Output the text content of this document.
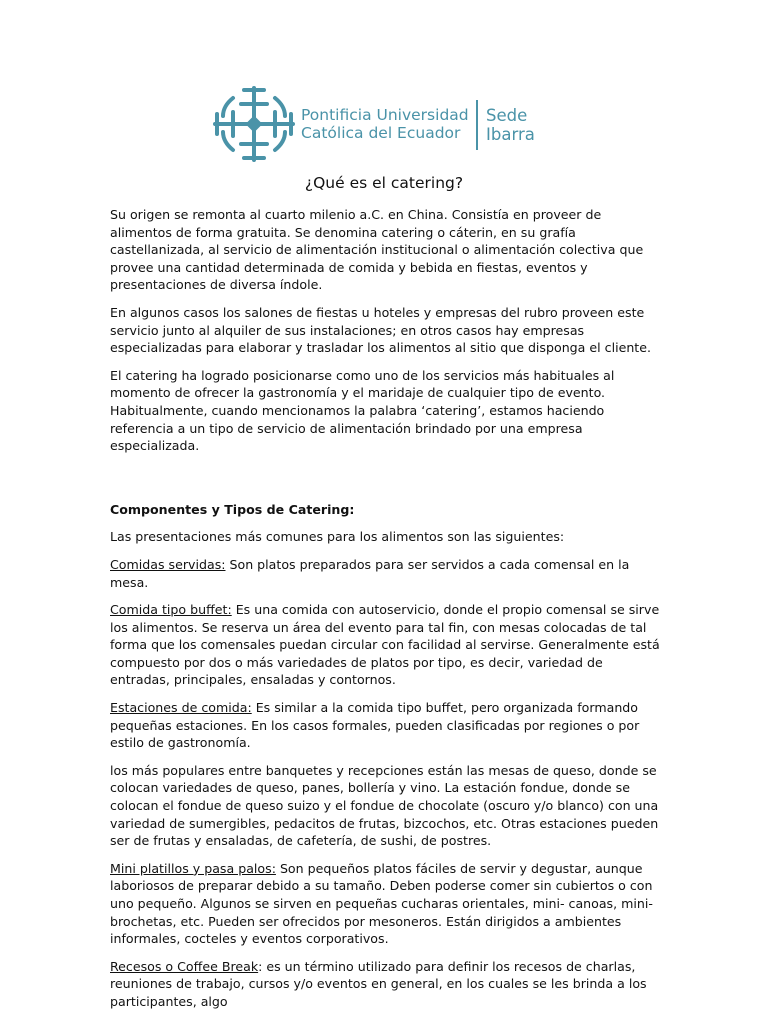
Pontificia Universidad
Católica del Ecuador
Sede
Ibarra
¿Qué es el catering?

Su origen se remonta al cuarto milenio a.C. en China. Consistía en proveer de alimentos de forma gratuita. Se denomina catering o cáterin, en su grafía castellanizada, al servicio de alimentación institucional o alimentación colectiva que provee una cantidad determinada de comida y bebida en fiestas, eventos y presentaciones de diversa índole.

En algunos casos los salones de fiestas u hoteles y empresas del rubro proveen este servicio junto al alquiler de sus instalaciones; en otros casos hay empresas especializadas para elaborar y trasladar los alimentos al sitio que disponga el cliente.

El catering ha logrado posicionarse como uno de los servicios más habituales al momento de ofrecer la gastronomía y el maridaje de cualquier tipo de evento. Habitualmente, cuando mencionamos la palabra ‘catering’, estamos haciendo referencia a un tipo de servicio de alimentación brindado por una empresa especializada.

Componentes y Tipos de Catering:

Las presentaciones más comunes para los alimentos son las siguientes:

Comidas servidas: Son platos preparados para ser servidos a cada comensal en la mesa.

Comida tipo buffet: Es una comida con autoservicio, donde el propio comensal se sirve los alimentos. Se reserva un área del evento para tal fin, con mesas colocadas de tal forma que los comensales puedan circular con facilidad al servirse. Generalmente está compuesto por dos o más variedades de platos por tipo, es decir, variedad de entradas, principales, ensaladas y contornos.

Estaciones de comida: Es similar a la comida tipo buffet, pero organizada formando pequeñas estaciones. En los casos formales, pueden clasificadas por regiones o por estilo de gastronomía.

los más populares entre banquetes y recepciones están las mesas de queso, donde se colocan variedades de queso, panes, bollería y vino. La estación fondue, donde se colocan el fondue de queso suizo y el fondue de chocolate (oscuro y/o blanco) con una variedad de sumergibles, pedacitos de frutas, bizcochos, etc. Otras estaciones pueden ser de frutas y ensaladas, de cafetería, de sushi, de postres.

Mini platillos y pasa palos: Son pequeños platos fáciles de servir y degustar, aunque laboriosos de preparar debido a su tamaño. Deben poderse comer sin cubiertos o con uno pequeño. Algunos se sirven en pequeñas cucharas orientales, mini- canoas, mini-brochetas, etc. Pueden ser ofrecidos por mesoneros. Están dirigidos a ambientes informales, cocteles y eventos corporativos.

Recesos o Coffee Break: es un término utilizado para definir los recesos de charlas, reuniones de trabajo, cursos y/o eventos en general, en los cuales se les brinda a los participantes, algo
